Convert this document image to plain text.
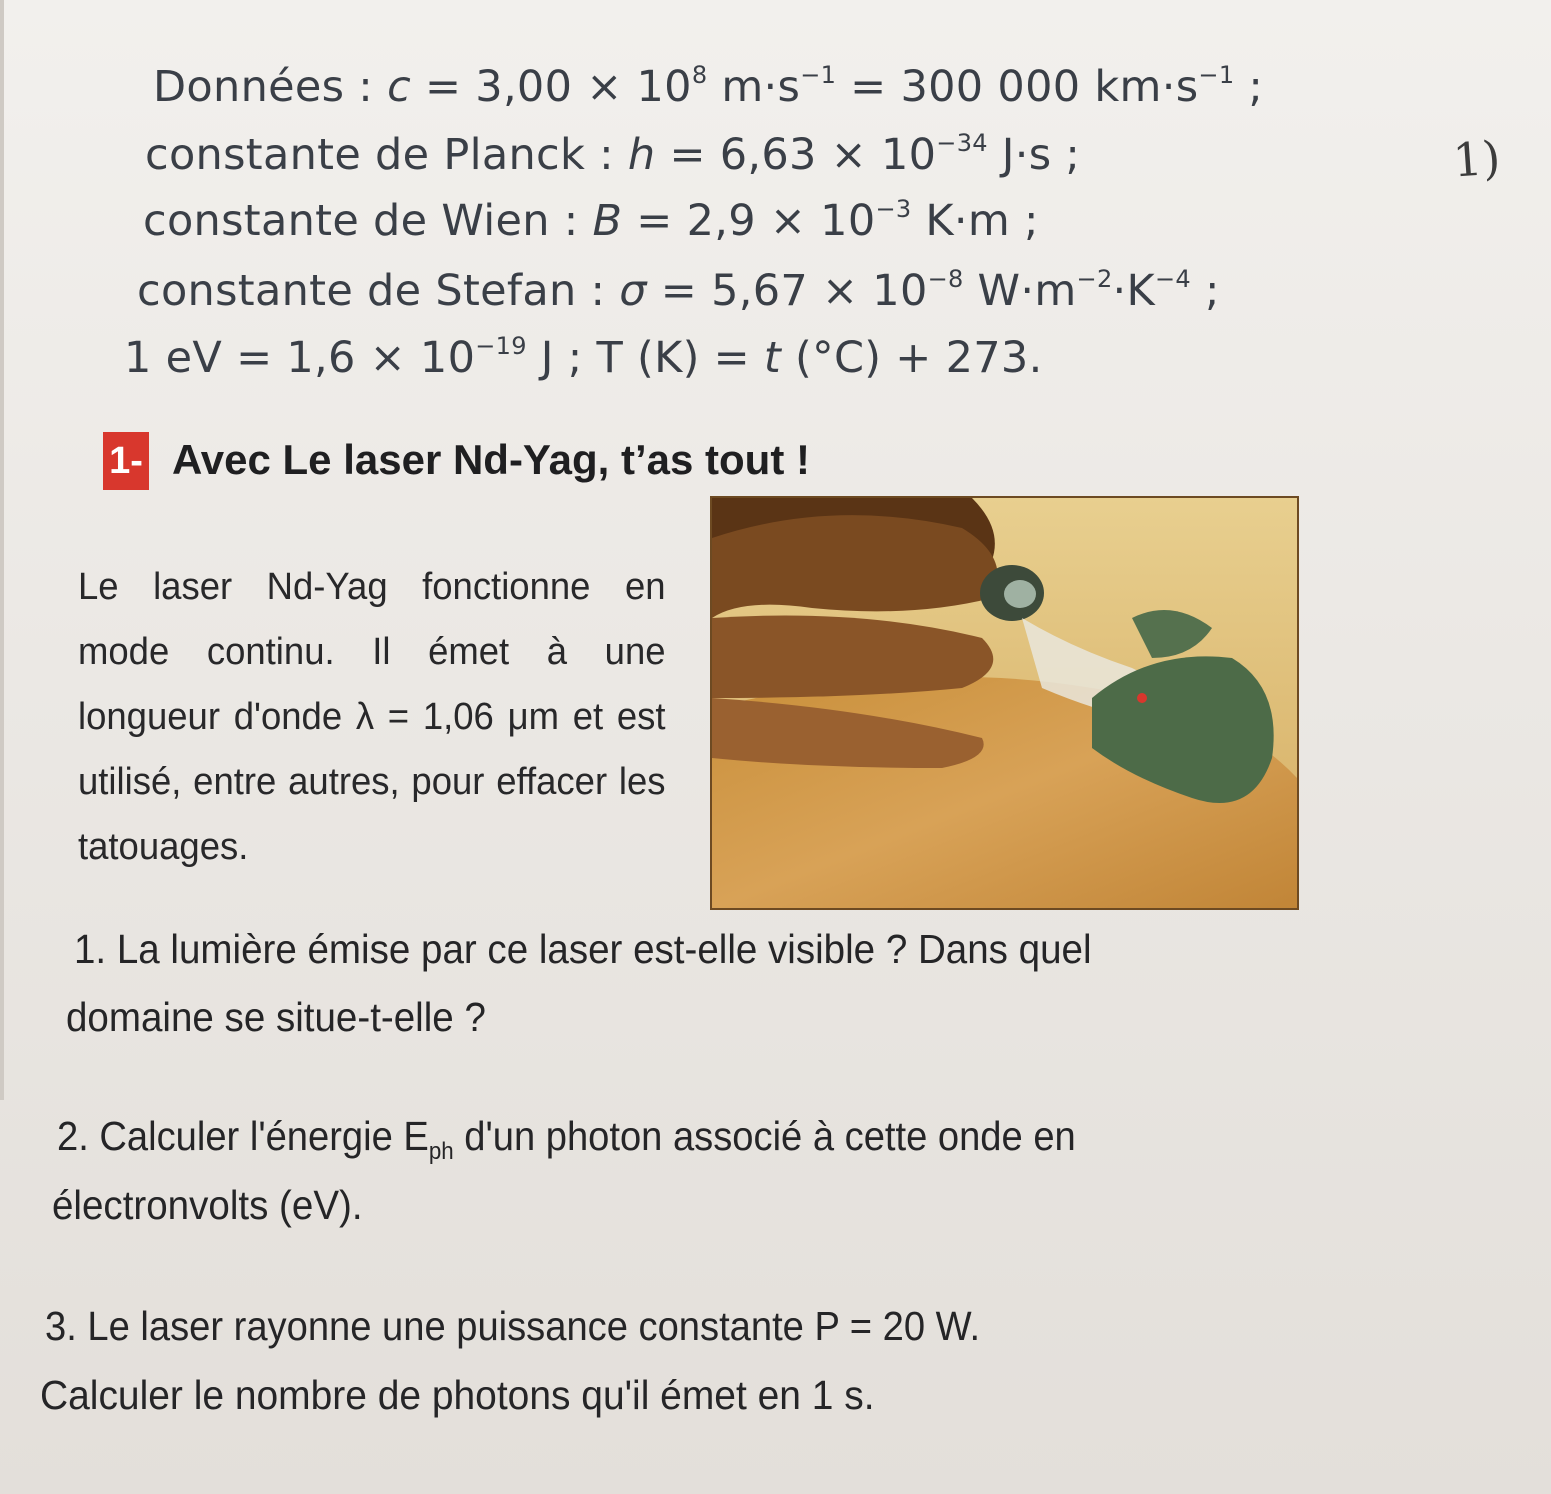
Données : $c = 3,00 \times 10^8$ $m\cdot s^{-1} = 300$ 000 $km\cdot s^{-1}$ ;
constante de Planck : $h = 6,63 \times 10^{-34}$ J·s ;
constante de Wien : $B = 2,9 \times 10^{-3}$ K·m ;
constante de Stefan : $\sigma = 5,67 \times 10^{-8}$ $W\cdot m^{-2}\cdot K^{-4}$ ;
1 eV = $1,6 \times 10^{-19}$ J ; T (K) = t (°C) + 273.
1)
1- Avec Le laser Nd-Yag, t’as tout !
Le laser Nd-Yag fonctionne en mode continu. Il émet à une longueur d'onde λ = 1,06 μm et est utilisé, entre autres, pour effacer les tatouages.
1. La lumière émise par ce laser est-elle visible ? Dans quel
domaine se situe-t-elle ?
2. Calculer l'énergie $E_{ph}$ d'un photon associé à cette onde en
électronvolts (eV).
3. Le laser rayonne une puissance constante P = 20 W.
Calculer le nombre de photons qu'il émet en 1 s.
